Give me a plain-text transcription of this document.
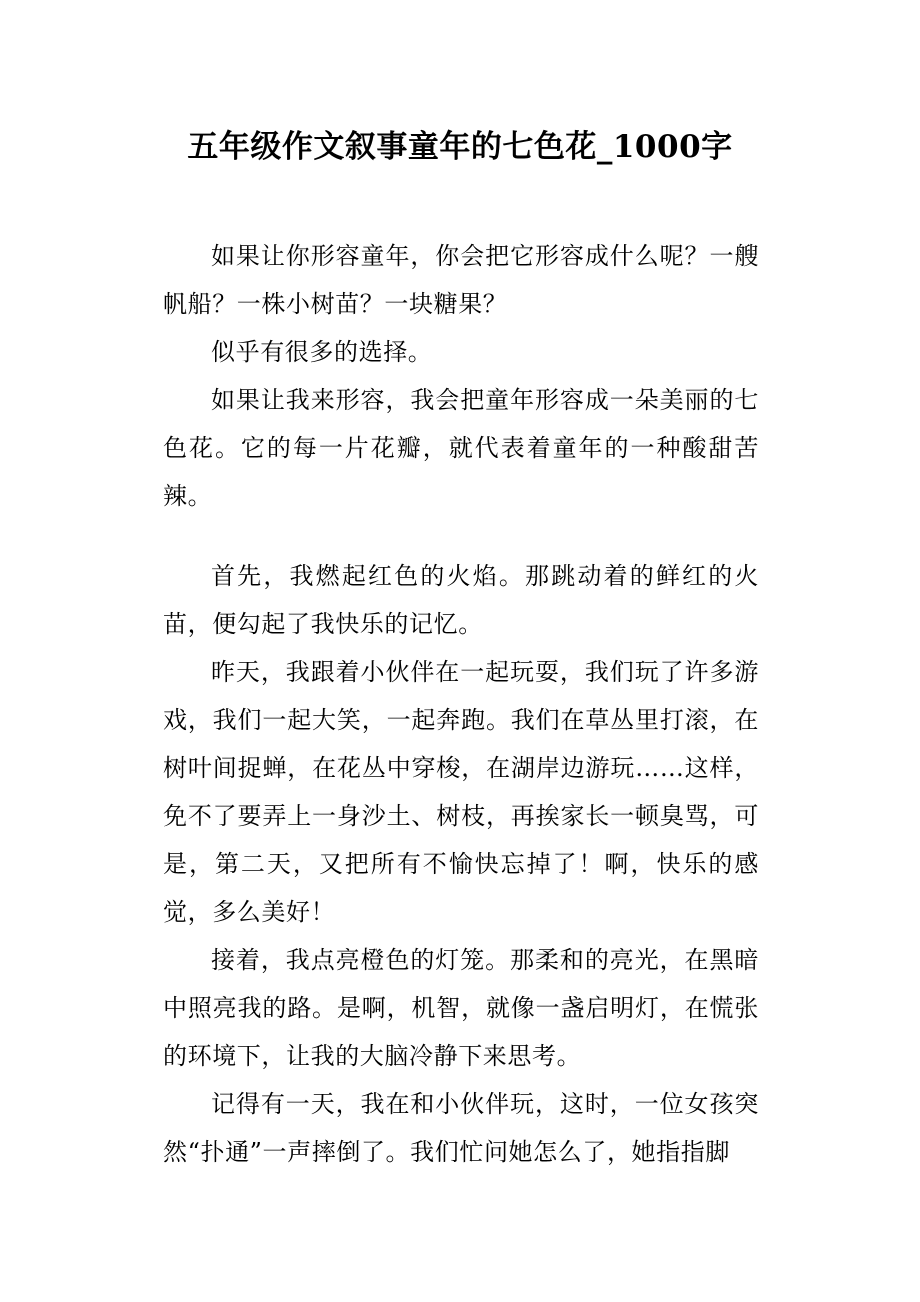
五年级作文叙事童年的七色花_1000字

如果让你形容童年，你会把它形容成什么呢？一艘帆船？一株小树苗？一块糖果？

似乎有很多的选择。

如果让我来形容，我会把童年形容成一朵美丽的七色花。它的每一片花瓣，就代表着童年的一种酸甜苦辣。

首先，我燃起红色的火焰。那跳动着的鲜红的火苗，便勾起了我快乐的记忆。

昨天，我跟着小伙伴在一起玩耍，我们玩了许多游戏，我们一起大笑，一起奔跑。我们在草丛里打滚，在树叶间捉蝉，在花丛中穿梭，在湖岸边游玩……这样，免不了要弄上一身沙土、树枝，再挨家长一顿臭骂，可是，第二天，又把所有不愉快忘掉了！啊，快乐的感觉，多么美好！

接着，我点亮橙色的灯笼。那柔和的亮光，在黑暗中照亮我的路。是啊，机智，就像一盏启明灯，在慌张的环境下，让我的大脑冷静下来思考。

记得有一天，我在和小伙伴玩，这时，一位女孩突然“扑通”一声摔倒了。我们忙问她怎么了，她指指脚
